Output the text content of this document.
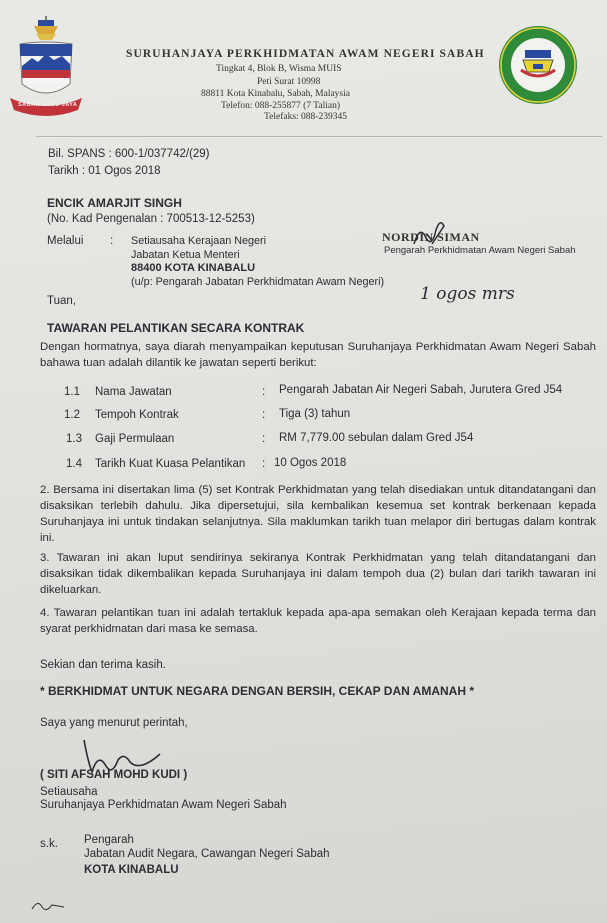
SABAH MAJU JAYA
SURUHANJAYA PERKHIDMATAN AWAM NEGERI SABAH
Tingkat 4, Blok B, Wisma MUIS
Peti Surat 10998
88811 Kota Kinabalu, Sabah, Malaysia
Telefon: 088-255877 (7 Talian)
Telefaks: 088-239345
Bil. SPANS : 600-1/037742/(29)
Tarikh : 01 Ogos 2018
ENCIK AMARJIT SINGH
(No. Kad Pengenalan : 700513-12-5253)
Melalui : Setiausaha Kerajaan Negeri
Jabatan Ketua Menteri
88400 KOTA KINABALU
(u/p: Pengarah Jabatan Perkhidmatan Awam Negeri)
NORDIN SIMAN
Pengarah Perkhidmatan Awam Negeri Sabah
1 ogos mrs
Tuan,
TAWARAN PELANTIKAN SECARA KONTRAK
Dengan hormatnya, saya diarah menyampaikan keputusan Suruhanjaya Perkhidmatan Awam Negeri Sabah bahawa tuan adalah dilantik ke jawatan seperti berikut:
1.1 Nama Jawatan	: Pengarah Jabatan Air Negeri Sabah, Jurutera Gred J54
1.2 Tempoh Kontrak	: Tiga (3) tahun
1.3 Gaji Permulaan	: RM 7,779.00 sebulan dalam Gred J54
1.4 Tarikh Kuat Kuasa Pelantikan : 10 Ogos 2018
2. Bersama ini disertakan lima (5) set Kontrak Perkhidmatan yang telah disediakan untuk ditandatangani dan disaksikan terlebih dahulu. Jika dipersetujui, sila kembalikan kesemua set kontrak berkenaan kepada Suruhanjaya ini untuk tindakan selanjutnya. Sila maklumkan tarikh tuan melapor diri bertugas dalam kontrak ini.
3. Tawaran ini akan luput sendirinya sekiranya Kontrak Perkhidmatan yang telah ditandatangani dan disaksikan tidak dikembalikan kepada Suruhanjaya ini dalam tempoh dua (2) bulan dari tarikh tawaran ini dikeluarkan.
4. Tawaran pelantikan tuan ini adalah tertakluk kepada apa-apa semakan oleh Kerajaan kepada terma dan syarat perkhidmatan dari masa ke semasa.
Sekian dan terima kasih.
* BERKHIDMAT UNTUK NEGARA DENGAN BERSIH, CEKAP DAN AMANAH *
Saya yang menurut perintah,
( SITI AFSAH MOHD KUDI )
Setiausaha
Suruhanjaya Perkhidmatan Awam Negeri Sabah
s.k. Pengarah
Jabatan Audit Negara, Cawangan Negeri Sabah
KOTA KINABALU
